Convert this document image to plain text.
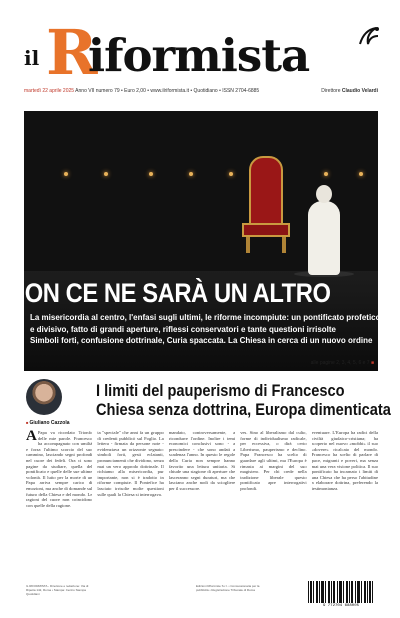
il R
iformista
martedì 22 aprile 2025 Anno VII numero 79 • Euro 2,00 • www.ilriformista.it • Quotidiano • ISSN 2704-6885	Direttore Claudio Velardi
NON CE NE SARÀ UN ALTRO

La misericordia al centro, l'enfasi sugli ultimi, le riforme incompiute: un pontificato profetico

e divisivo, fatto di grandi aperture, riflessi conservatori e tante questioni irrisolte

Simboli forti, confusione dottrinale, Curia spaccata. La Chiesa in cerca di un nuovo ordine

alle pagine 2, 3, 4, 5, 6 e 7 ■
I limiti del pauperismo di Francesco
Chiesa senza dottrina, Europa dimenticata
■ Giuliano Cazzola
A Papa va ricordato Trionfo delle mie parole. Francesco ha accompagnato con umiltà e forza l'ultimo scorcio del suo cammino, lasciando segni profondi nel cuore dei fedeli. Ora ci sono pagine da studiare, quella del pontificato e quelle delle sue ultime volontà. Il lutto per la morte di un Papa arriva sempre carico di emozioni, ma anche di domande sul futuro della Chiesa e del mondo. Le ragioni del cuore non coincidono con quelle della ragione.
ta "speciale" che anni fa un gruppo di credenti pubblicò sul Foglio. La lettera - firmata da persone note - evidenziava un orizzonte segnato: simboli forti, gesti eclatanti, pronunciamenti che dividono, senza mai un vero approdo dottrinale. Il richiamo alla misericordia, pur importante, non si è tradotto in riforme compiute. Il Pontefice ha lasciato irrisolte molte questioni sulle quali la Chiesa si interrogava.
mandato, controversamente, a ricondurre l'ordine. Inoltre i temi economici conclusivi sono - a prescindere - che sono andati a scadenza l'anno. In questo le regole della Curia non sempre hanno favorito una lettura unitaria. Si chiude una stagione di aperture che lasceranno segni duraturi, ma che lasciano anche nodi da sciogliere per il successore.
ves. Sino al liberalismo dal culto, forme di individualismo radicale, per eccessiva, o dirà certo Liberismo, pauperismo e declino. Papa Francesco ha scelto di guardare agli ultimi, ma l'Europa è rimasta ai margini del suo magistero. Per chi crede nella tradizione liberale questo pontificato apre interrogativi profondi.
eventuare. L'Europa ha radici della civiltà giudaico-cristiana; ha scoperto nel nuovo «mobbi» il suo «dovere» ricalcato del mondo. Francesco ha scelto di parlare di pace, migranti e poveri, ma senza mai una vera visione politica. Il suo pontificato ha incarnato i limiti di una Chiesa che ha perso l'abitudine a elaborare dottrina, preferendo la testimonianza.
IL RIFORMISTA - Direzione e redazione: Via di Ripetta 142, Roma • Stampa: Centro Stampa Quotidiani
Edizioni Riformiste S.r.l. • Concessionaria per la pubblicità • Registrazione Tribunale di Roma
9 772704 688005
